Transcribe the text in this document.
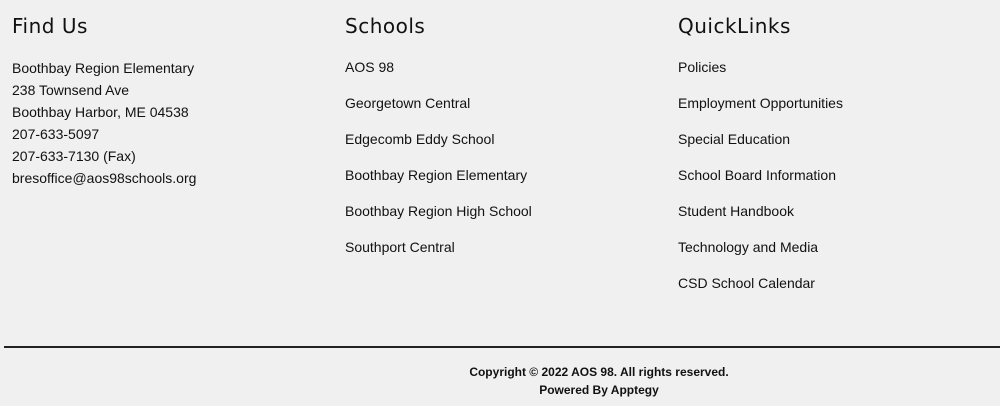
Find Us
Boothbay Region Elementary
238 Townsend Ave
Boothbay Harbor, ME 04538
207-633-5097
207-633-7130 (Fax)
bresoffice@aos98schools.org
Schools
AOS 98
Georgetown Central
Edgecomb Eddy School
Boothbay Region Elementary
Boothbay Region High School
Southport Central
QuickLinks
Policies
Employment Opportunities
Special Education
School Board Information
Student Handbook
Technology and Media
CSD School Calendar
Copyright © 2022 AOS 98. All rights reserved.
Powered By Apptegy
